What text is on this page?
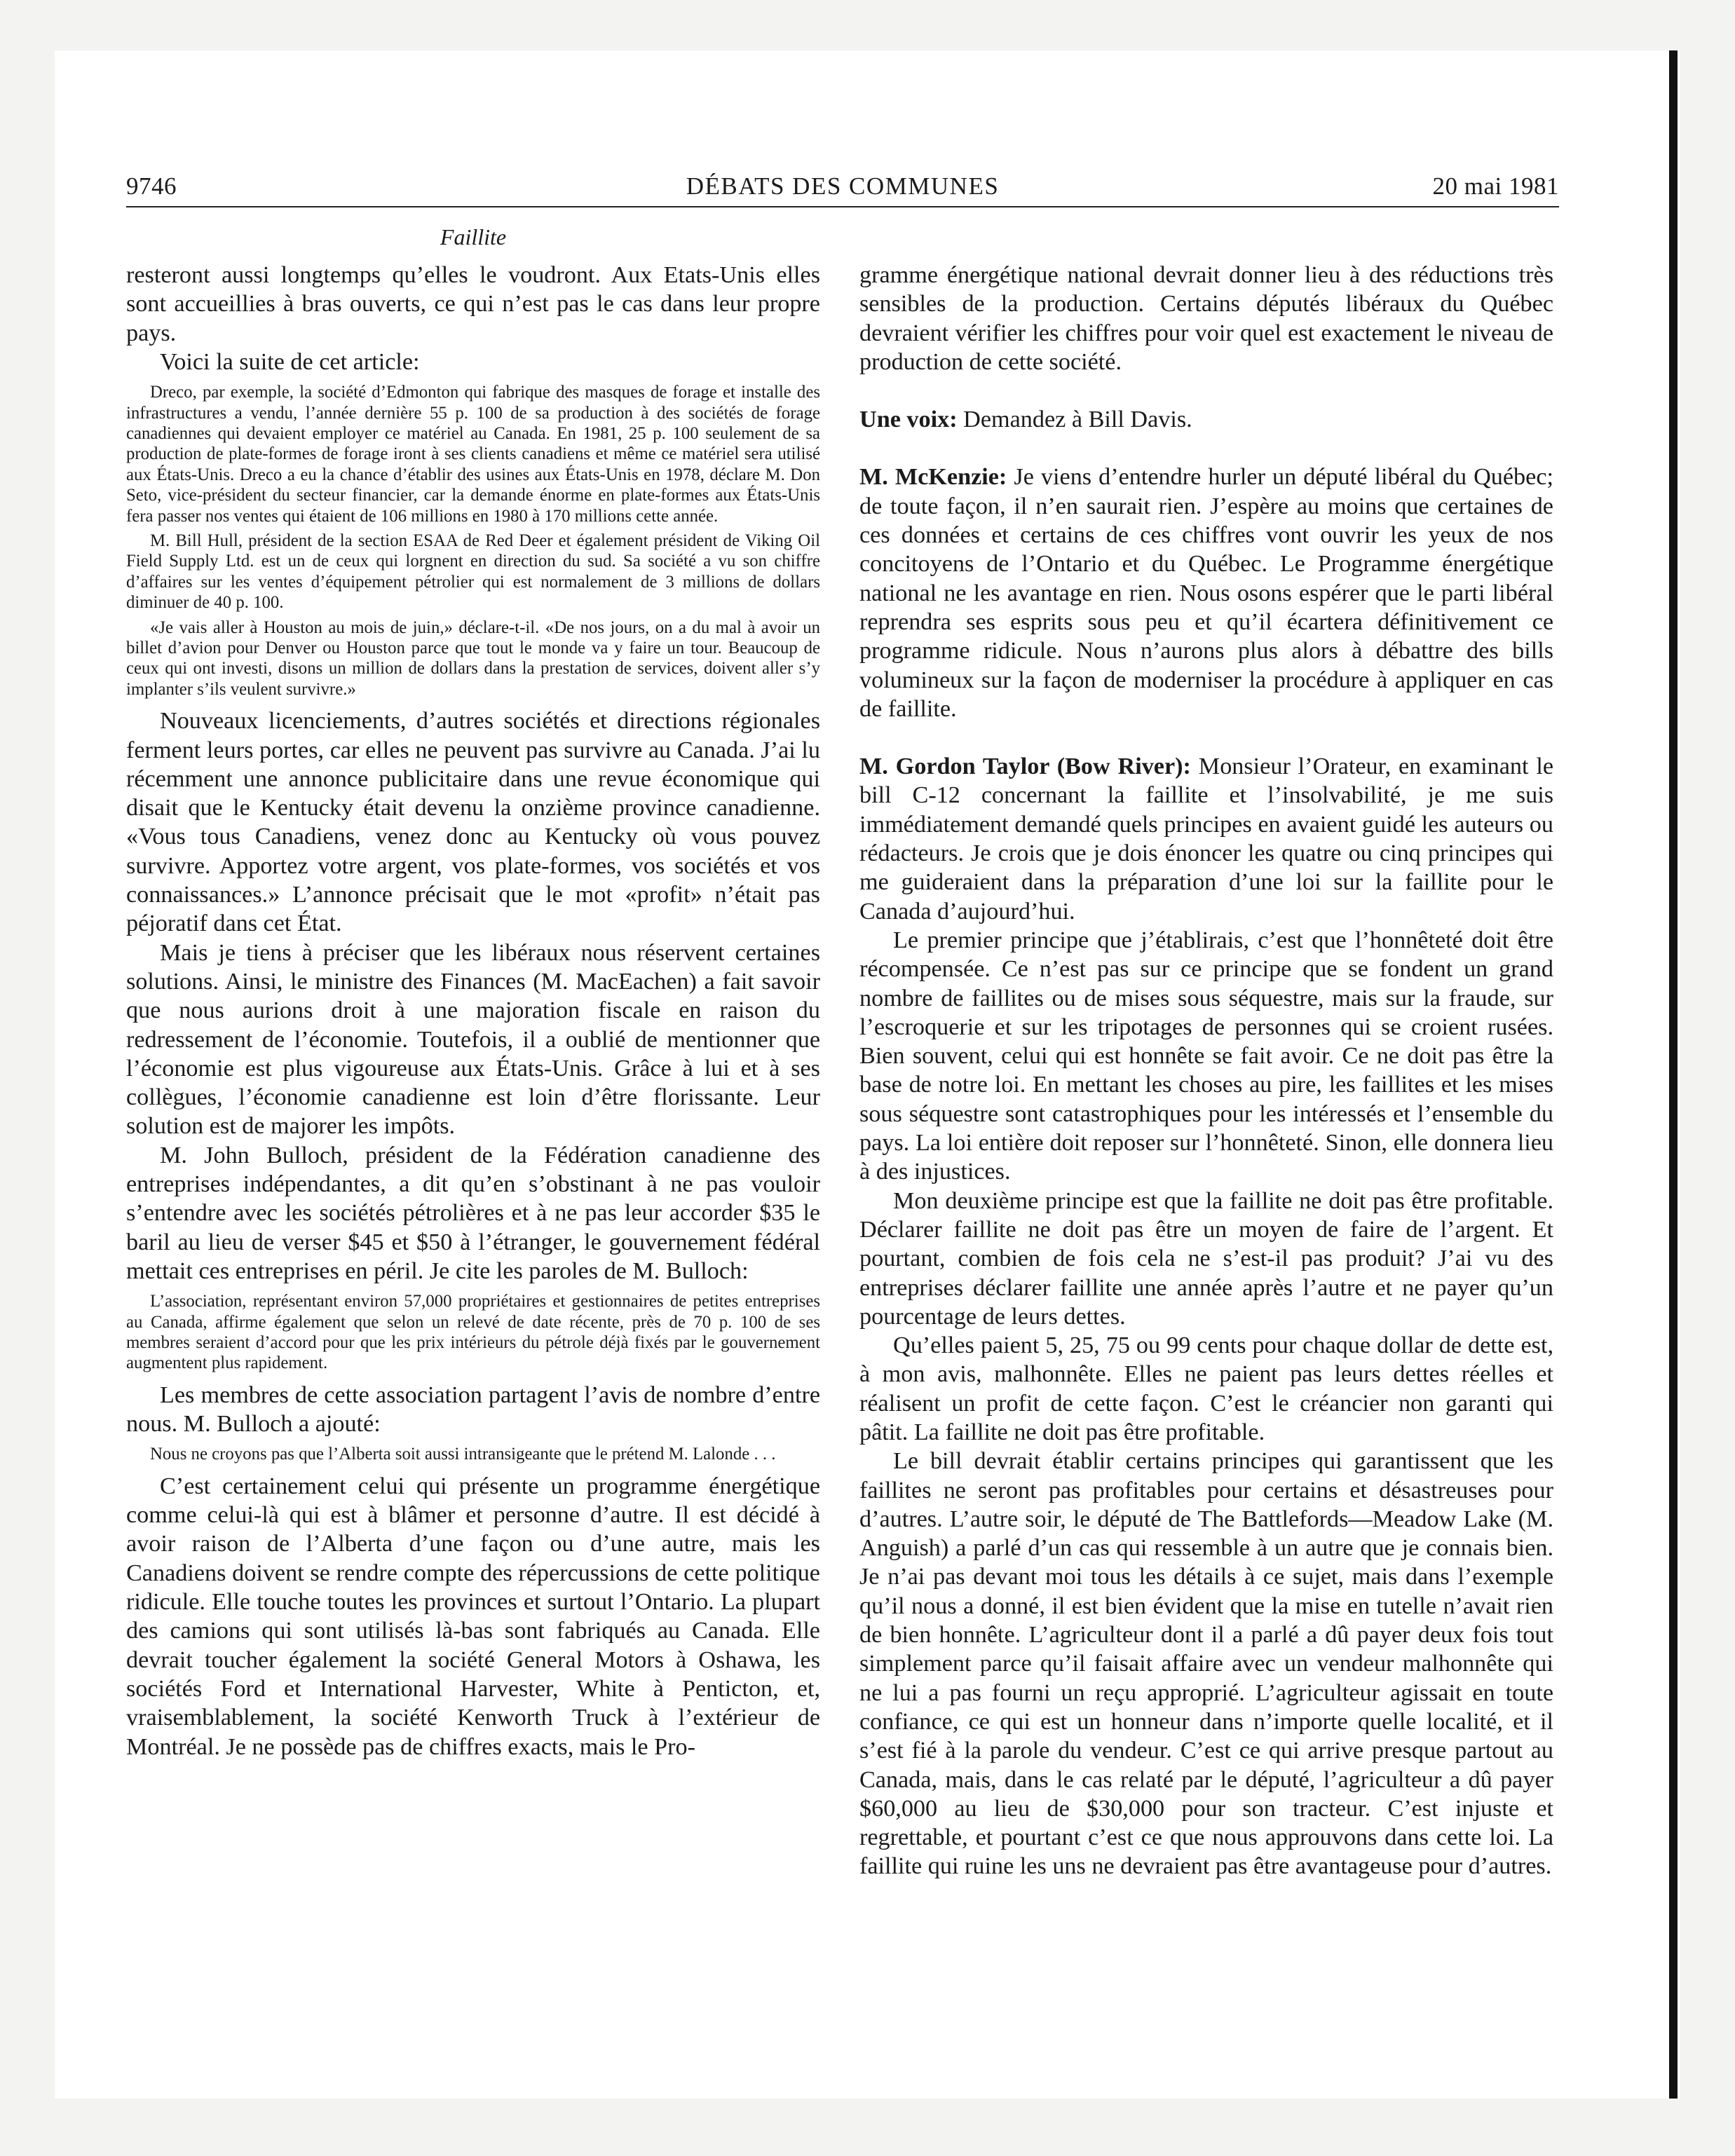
9746	DÉBATS DES COMMUNES	20 mai 1981
Faillite

resteront aussi longtemps qu’elles le voudront. Aux Etats-Unis elles sont accueillies à bras ouverts, ce qui n’est pas le cas dans leur propre pays.

Voici la suite de cet article:

Dreco, par exemple, la société d’Edmonton qui fabrique des masques de forage et installe des infrastructures a vendu, l’année dernière 55 p. 100 de sa production à des sociétés de forage canadiennes qui devaient employer ce matériel au Canada. En 1981, 25 p. 100 seulement de sa production de plate-formes de forage iront à ses clients canadiens et même ce matériel sera utilisé aux États-Unis. Dreco a eu la chance d’établir des usines aux États-Unis en 1978, déclare M. Don Seto, vice-président du secteur financier, car la demande énorme en plate-formes aux États-Unis fera passer nos ventes qui étaient de 106 millions en 1980 à 170 millions cette année.

M. Bill Hull, président de la section ESAA de Red Deer et également président de Viking Oil Field Supply Ltd. est un de ceux qui lorgnent en direction du sud. Sa société a vu son chiffre d’affaires sur les ventes d’équipement pétrolier qui est normalement de 3 millions de dollars diminuer de 40 p. 100.

«Je vais aller à Houston au mois de juin,» déclare-t-il. «De nos jours, on a du mal à avoir un billet d’avion pour Denver ou Houston parce que tout le monde va y faire un tour. Beaucoup de ceux qui ont investi, disons un million de dollars dans la prestation de services, doivent aller s’y implanter s’ils veulent survivre.»

Nouveaux licenciements, d’autres sociétés et directions régionales ferment leurs portes, car elles ne peuvent pas survivre au Canada. J’ai lu récemment une annonce publicitaire dans une revue économique qui disait que le Kentucky était devenu la onzième province canadienne. «Vous tous Canadiens, venez donc au Kentucky où vous pouvez survivre. Apportez votre argent, vos plate-formes, vos sociétés et vos connaissances.» L’annonce précisait que le mot «profit» n’était pas péjoratif dans cet État.

Mais je tiens à préciser que les libéraux nous réservent certaines solutions. Ainsi, le ministre des Finances (M. MacEachen) a fait savoir que nous aurions droit à une majoration fiscale en raison du redressement de l’économie. Toutefois, il a oublié de mentionner que l’économie est plus vigoureuse aux États-Unis. Grâce à lui et à ses collègues, l’économie canadienne est loin d’être florissante. Leur solution est de majorer les impôts.

M. John Bulloch, président de la Fédération canadienne des entreprises indépendantes, a dit qu’en s’obstinant à ne pas vouloir s’entendre avec les sociétés pétrolières et à ne pas leur accorder $35 le baril au lieu de verser $45 et $50 à l’étranger, le gouvernement fédéral mettait ces entreprises en péril. Je cite les paroles de M. Bulloch:

L’association, représentant environ 57,000 propriétaires et gestionnaires de petites entreprises au Canada, affirme également que selon un relevé de date récente, près de 70 p. 100 de ses membres seraient d’accord pour que les prix intérieurs du pétrole déjà fixés par le gouvernement augmentent plus rapidement.

Les membres de cette association partagent l’avis de nombre d’entre nous. M. Bulloch a ajouté:

Nous ne croyons pas que l’Alberta soit aussi intransigeante que le prétend M. Lalonde . . .

C’est certainement celui qui présente un programme énergétique comme celui-là qui est à blâmer et personne d’autre. Il est décidé à avoir raison de l’Alberta d’une façon ou d’une autre, mais les Canadiens doivent se rendre compte des répercussions de cette politique ridicule. Elle touche toutes les provinces et surtout l’Ontario. La plupart des camions qui sont utilisés là-bas sont fabriqués au Canada. Elle devrait toucher également la société General Motors à Oshawa, les sociétés Ford et International Harvester, White à Penticton, et, vraisemblablement, la société Kenworth Truck à l’extérieur de Montréal. Je ne possède pas de chiffres exacts, mais le Pro-

gramme énergétique national devrait donner lieu à des réductions très sensibles de la production. Certains députés libéraux du Québec devraient vérifier les chiffres pour voir quel est exactement le niveau de production de cette société.

Une voix: Demandez à Bill Davis.

M. McKenzie: Je viens d’entendre hurler un député libéral du Québec; de toute façon, il n’en saurait rien. J’espère au moins que certaines de ces données et certains de ces chiffres vont ouvrir les yeux de nos concitoyens de l’Ontario et du Québec. Le Programme énergétique national ne les avantage en rien. Nous osons espérer que le parti libéral reprendra ses esprits sous peu et qu’il écartera définitivement ce programme ridicule. Nous n’aurons plus alors à débattre des bills volumineux sur la façon de moderniser la procédure à appliquer en cas de faillite.

M. Gordon Taylor (Bow River): Monsieur l’Orateur, en examinant le bill C-12 concernant la faillite et l’insolvabilité, je me suis immédiatement demandé quels principes en avaient guidé les auteurs ou rédacteurs. Je crois que je dois énoncer les quatre ou cinq principes qui me guideraient dans la préparation d’une loi sur la faillite pour le Canada d’aujourd’hui.

Le premier principe que j’établirais, c’est que l’honnêteté doit être récompensée. Ce n’est pas sur ce principe que se fondent un grand nombre de faillites ou de mises sous séquestre, mais sur la fraude, sur l’escroquerie et sur les tripotages de personnes qui se croient rusées. Bien souvent, celui qui est honnête se fait avoir. Ce ne doit pas être la base de notre loi. En mettant les choses au pire, les faillites et les mises sous séquestre sont catastrophiques pour les intéressés et l’ensemble du pays. La loi entière doit reposer sur l’honnêteté. Sinon, elle donnera lieu à des injustices.

Mon deuxième principe est que la faillite ne doit pas être profitable. Déclarer faillite ne doit pas être un moyen de faire de l’argent. Et pourtant, combien de fois cela ne s’est-il pas produit? J’ai vu des entreprises déclarer faillite une année après l’autre et ne payer qu’un pourcentage de leurs dettes.

Qu’elles paient 5, 25, 75 ou 99 cents pour chaque dollar de dette est, à mon avis, malhonnête. Elles ne paient pas leurs dettes réelles et réalisent un profit de cette façon. C’est le créancier non garanti qui pâtit. La faillite ne doit pas être profitable.

Le bill devrait établir certains principes qui garantissent que les faillites ne seront pas profitables pour certains et désastreuses pour d’autres. L’autre soir, le député de The Battlefords—Meadow Lake (M. Anguish) a parlé d’un cas qui ressemble à un autre que je connais bien. Je n’ai pas devant moi tous les détails à ce sujet, mais dans l’exemple qu’il nous a donné, il est bien évident que la mise en tutelle n’avait rien de bien honnête. L’agriculteur dont il a parlé a dû payer deux fois tout simplement parce qu’il faisait affaire avec un vendeur malhonnête qui ne lui a pas fourni un reçu approprié. L’agriculteur agissait en toute confiance, ce qui est un honneur dans n’importe quelle localité, et il s’est fié à la parole du vendeur. C’est ce qui arrive presque partout au Canada, mais, dans le cas relaté par le député, l’agriculteur a dû payer $60,000 au lieu de $30,000 pour son tracteur. C’est injuste et regrettable, et pourtant c’est ce que nous approuvons dans cette loi. La faillite qui ruine les uns ne devraient pas être avantageuse pour d’autres.
